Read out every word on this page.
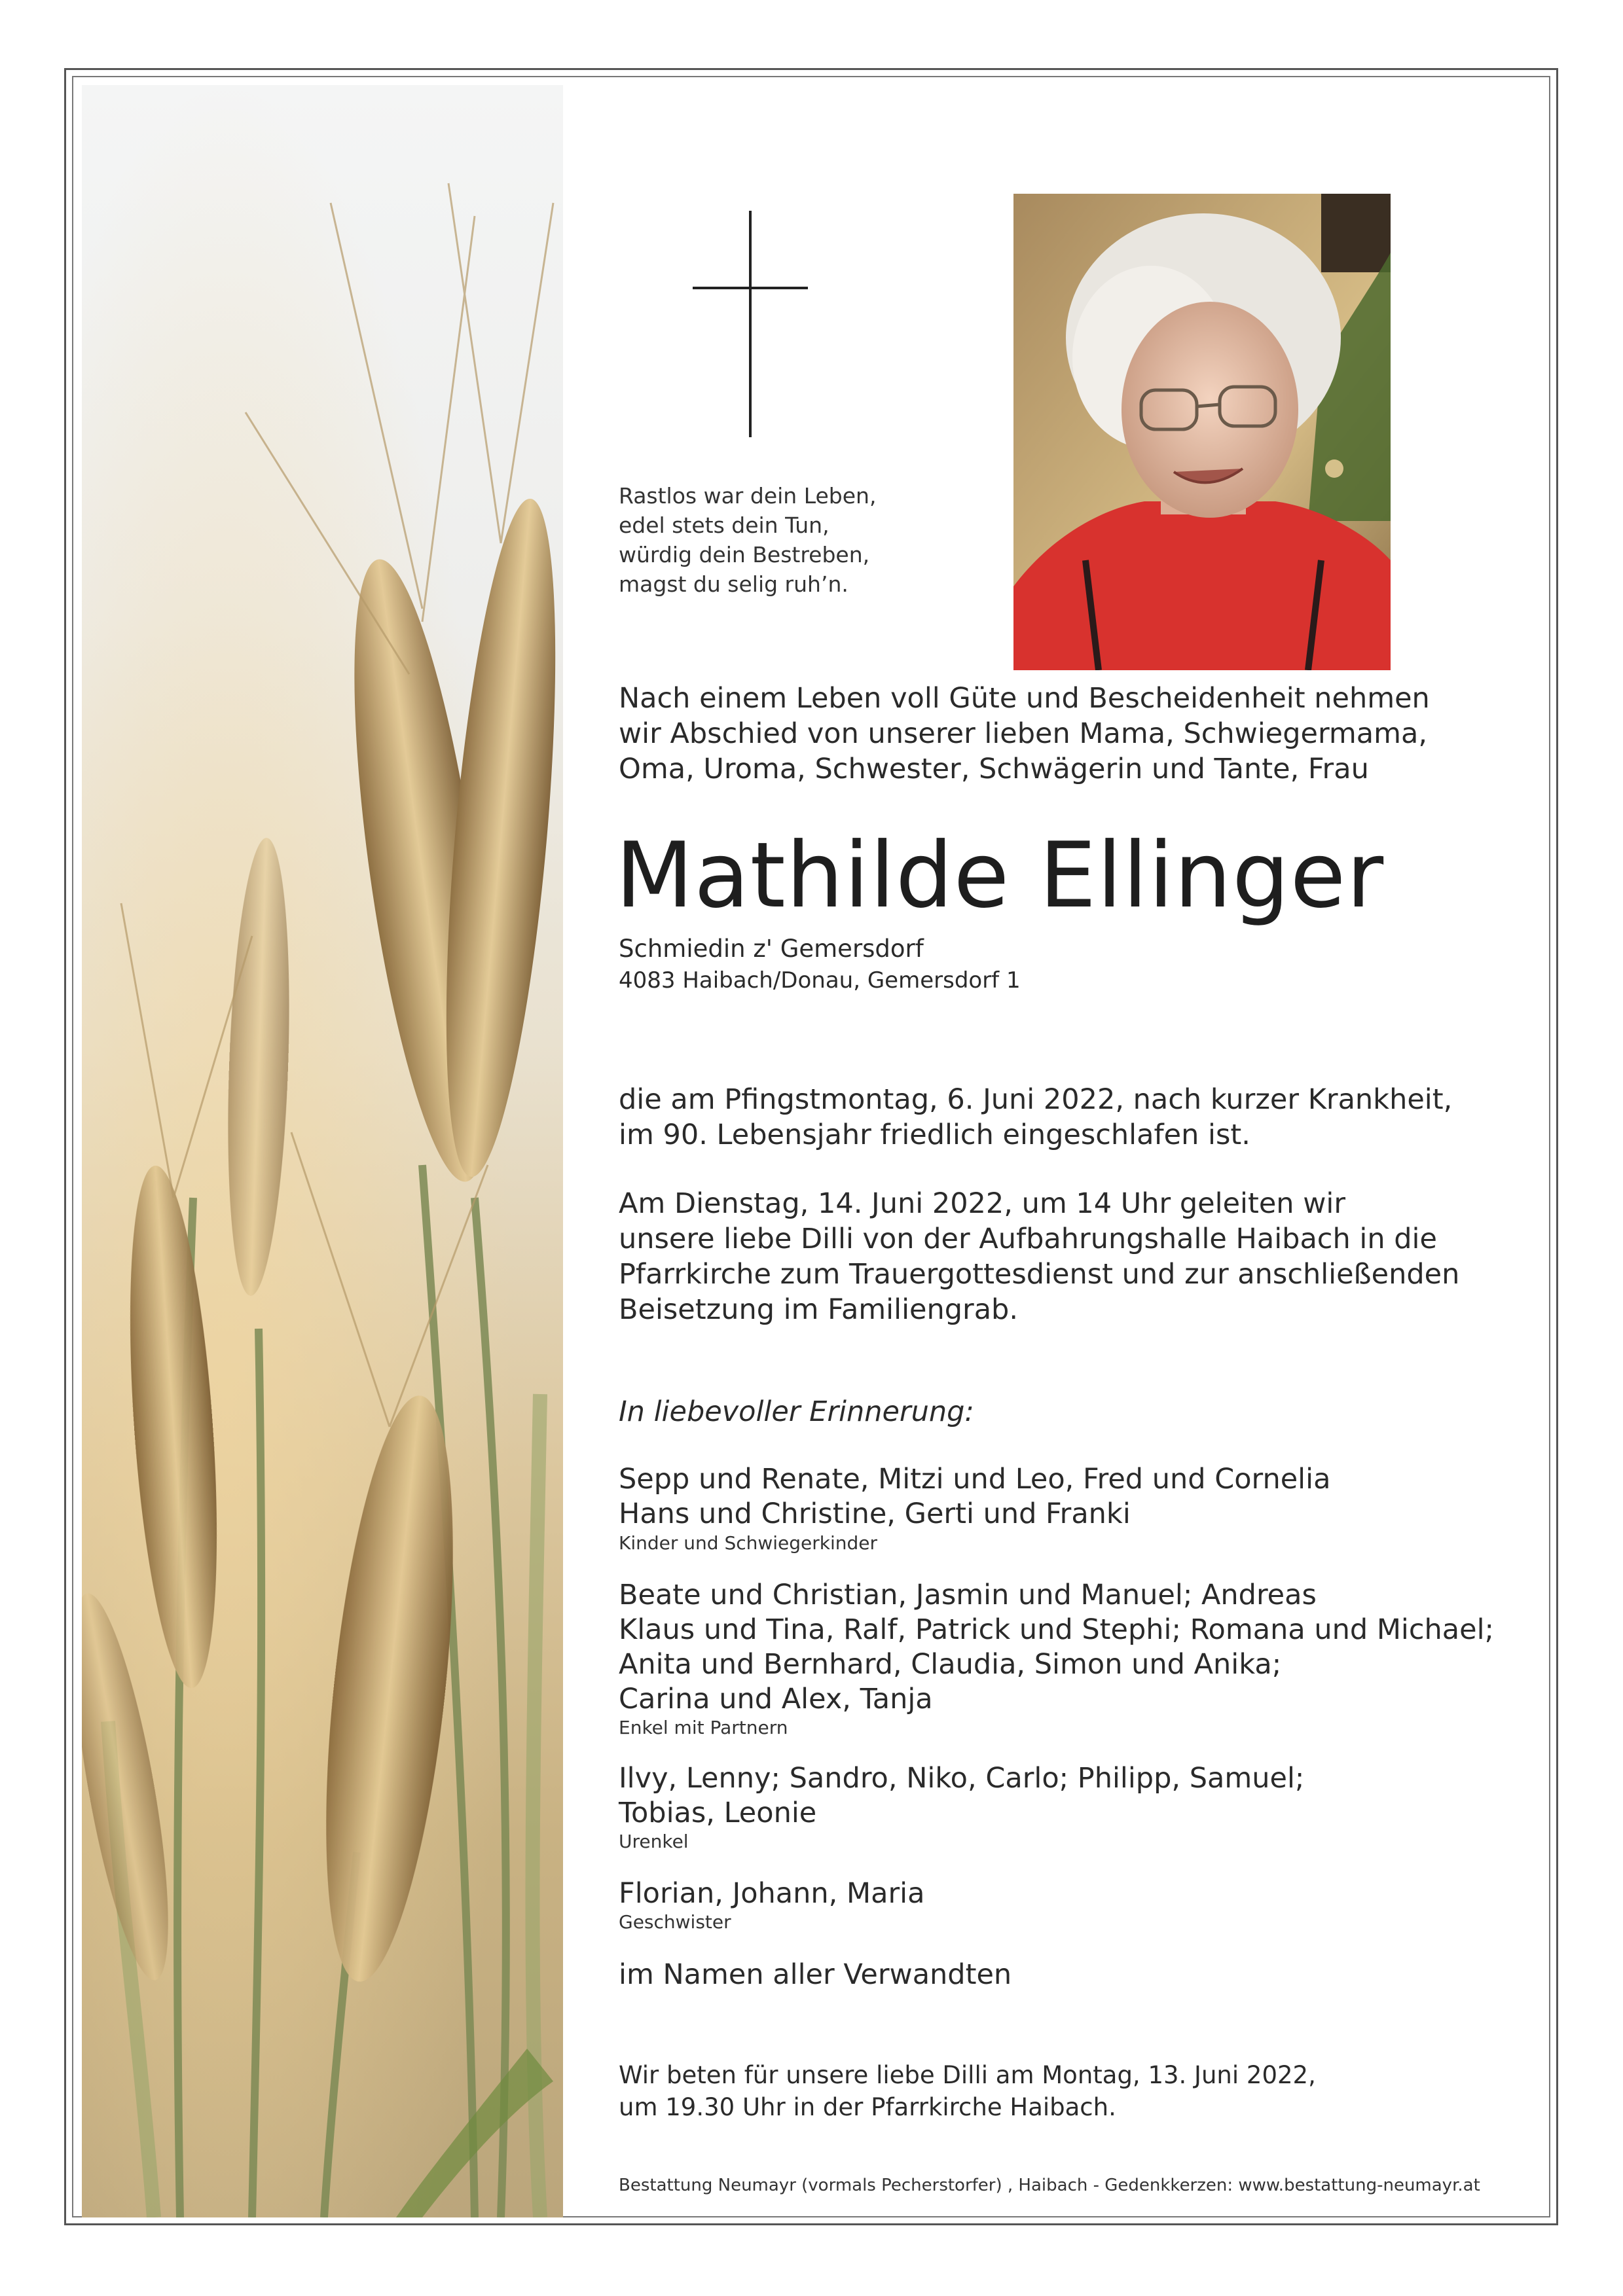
Rastlos war dein Leben,
edel stets dein Tun,
würdig dein Bestreben,
magst du selig ruh’n.
Nach einem Leben voll Güte und Bescheidenheit nehmen
wir Abschied von unserer lieben Mama, Schwiegermama,
Oma, Uroma, Schwester, Schwägerin und Tante, Frau
Mathilde Ellinger
Schmiedin z' Gemersdorf
4083 Haibach/Donau, Gemersdorf 1
die am Pfingstmontag, 6. Juni 2022, nach kurzer Krankheit,
im 90. Lebensjahr friedlich eingeschlafen ist.
Am Dienstag, 14. Juni 2022, um 14 Uhr geleiten wir
unsere liebe Dilli von der Aufbahrungshalle Haibach in die
Pfarrkirche zum Trauergottesdienst und zur anschließenden
Beisetzung im Familiengrab.
In liebevoller Erinnerung:
Sepp und Renate, Mitzi und Leo, Fred und Cornelia
Hans und Christine, Gerti und Franki
Kinder und Schwiegerkinder
Beate und Christian, Jasmin und Manuel; Andreas
Klaus und Tina, Ralf, Patrick und Stephi; Romana und Michael;
Anita und Bernhard, Claudia, Simon und Anika;
Carina und Alex, Tanja
Enkel mit Partnern
Ilvy, Lenny; Sandro, Niko, Carlo; Philipp, Samuel;
Tobias, Leonie
Urenkel
Florian, Johann, Maria
Geschwister
im Namen aller Verwandten
Wir beten für unsere liebe Dilli am Montag, 13. Juni 2022,
um 19.30 Uhr in der Pfarrkirche Haibach.
Bestattung Neumayr (vormals Pecherstorfer) , Haibach - Gedenkkerzen: www.bestattung-neumayr.at
